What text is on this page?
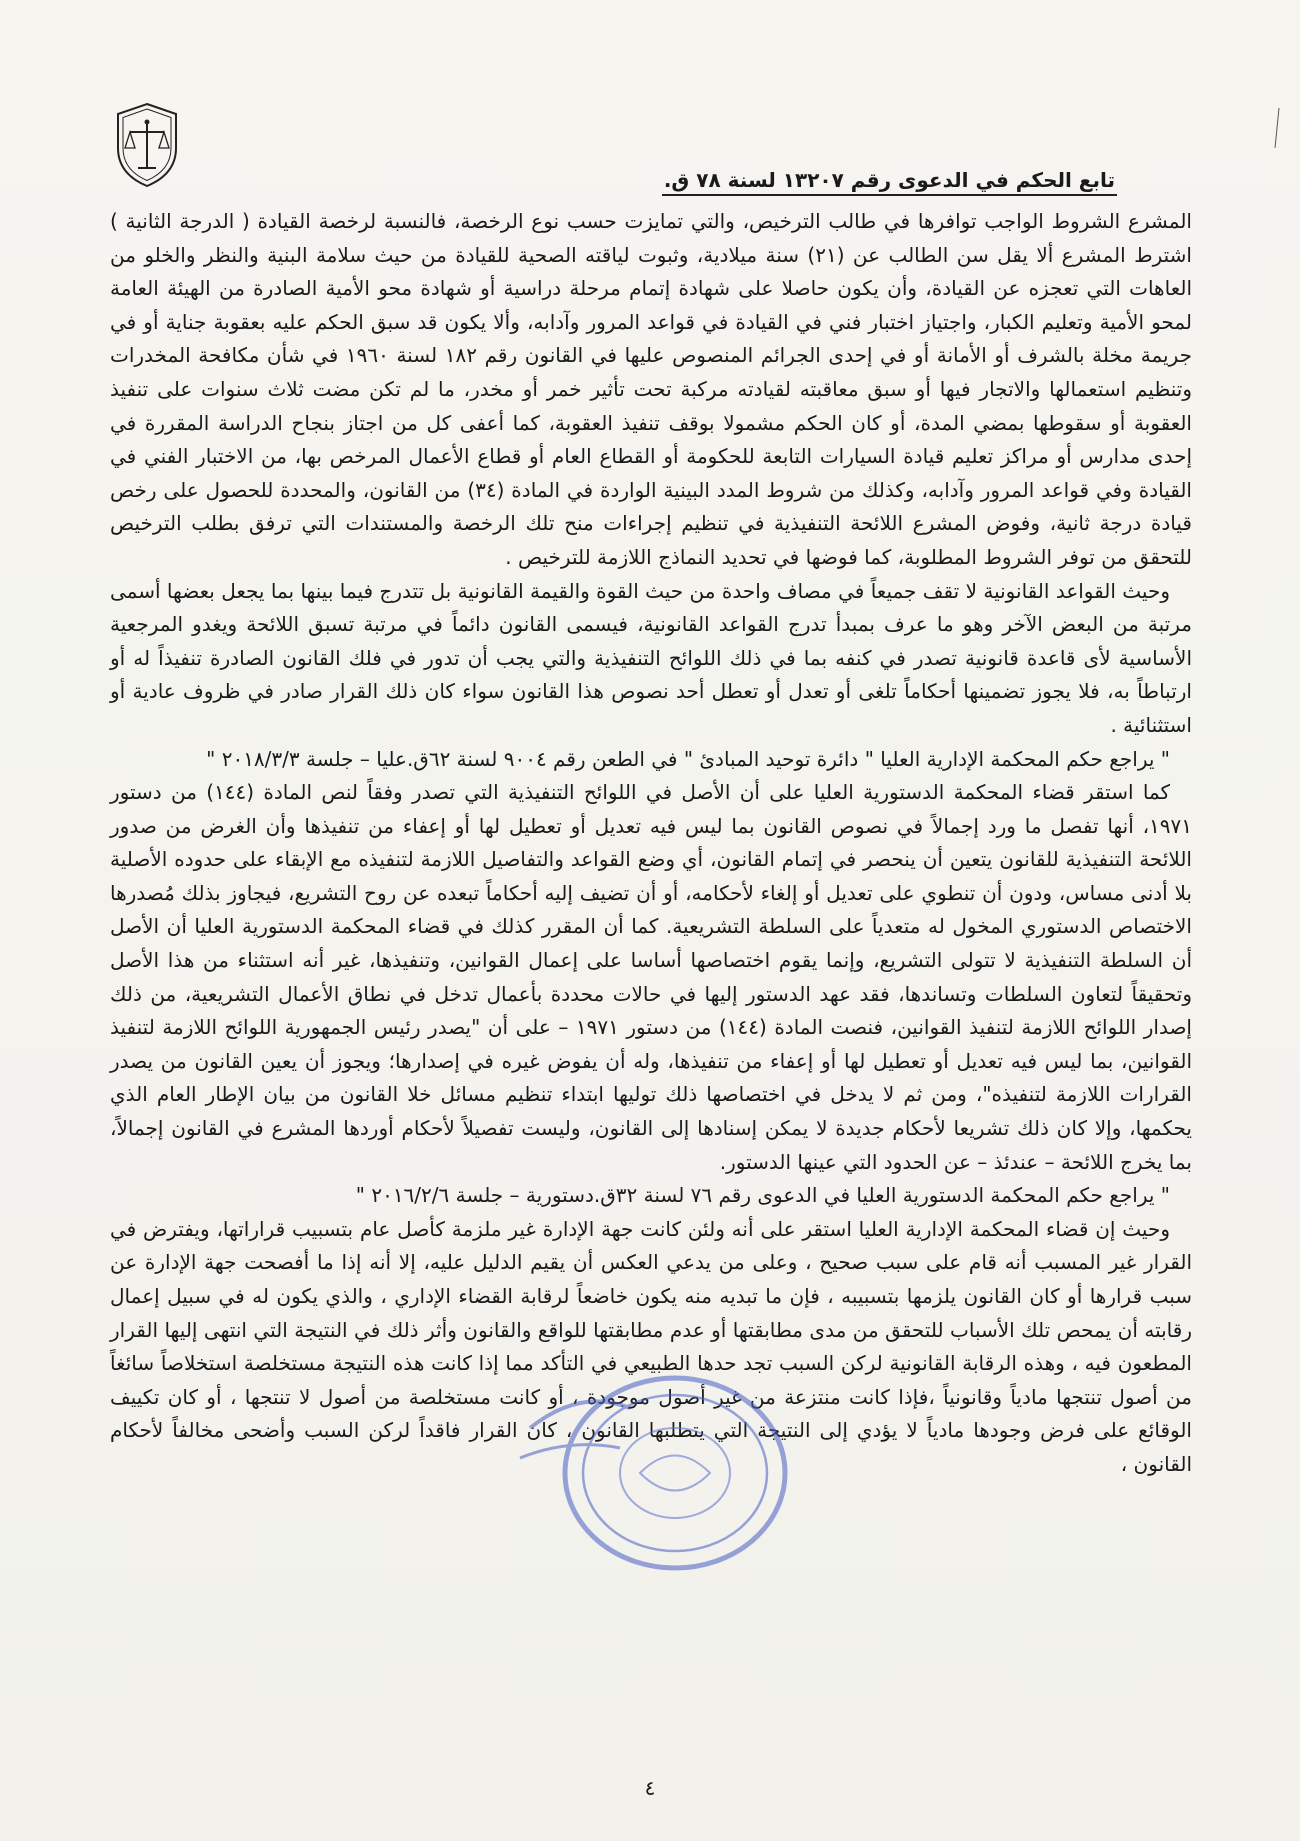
تابع الحكم في الدعوى رقم ١٣٢٠٧ لسنة ٧٨ ق.

المشرع الشروط الواجب توافرها في طالب الترخيص، والتي تمايزت حسب نوع الرخصة، فالنسبة لرخصة القيادة ( الدرجة الثانية ) اشترط المشرع ألا يقل سن الطالب عن (٢١) سنة ميلادية، وثبوت لياقته الصحية للقيادة من حيث سلامة البنية والنظر والخلو من العاهات التي تعجزه عن القيادة، وأن يكون حاصلا على شهادة إتمام مرحلة دراسية أو شهادة محو الأمية الصادرة من الهيئة العامة لمحو الأمية وتعليم الكبار، واجتياز اختبار فني في القيادة في قواعد المرور وآدابه، وألا يكون قد سبق الحكم عليه بعقوبة جناية أو في جريمة مخلة بالشرف أو الأمانة أو في إحدى الجرائم المنصوص عليها في القانون رقم ١٨٢ لسنة ١٩٦٠ في شأن مكافحة المخدرات وتنظيم استعمالها والاتجار فيها أو سبق معاقبته لقيادته مركبة تحت تأثير خمر أو مخدر، ما لم تكن مضت ثلاث سنوات على تنفيذ العقوبة أو سقوطها بمضي المدة، أو كان الحكم مشمولا بوقف تنفيذ العقوبة، كما أعفى كل من اجتاز بنجاح الدراسة المقررة في إحدى مدارس أو مراكز تعليم قيادة السيارات التابعة للحكومة أو القطاع العام أو قطاع الأعمال المرخص بها، من الاختبار الفني في القيادة وفي قواعد المرور وآدابه، وكذلك من شروط المدد البينية الواردة في المادة (٣٤) من القانون، والمحددة للحصول على رخص قيادة درجة ثانية، وفوض المشرع اللائحة التنفيذية في تنظيم إجراءات منح تلك الرخصة والمستندات التي ترفق بطلب الترخيص للتحقق من توفر الشروط المطلوبة، كما فوضها في تحديد النماذج اللازمة للترخيص .

وحيث القواعد القانونية لا تقف جميعاً في مصاف واحدة من حيث القوة والقيمة القانونية بل تتدرج فيما بينها بما يجعل بعضها أسمى مرتبة من البعض الآخر وهو ما عرف بمبدأ تدرج القواعد القانونية، فيسمى القانون دائماً في مرتبة تسبق اللائحة ويغدو المرجعية الأساسية لأى قاعدة قانونية تصدر في كنفه بما في ذلك اللوائح التنفيذية والتي يجب أن تدور في فلك القانون الصادرة تنفيذاً له أو ارتباطاً به، فلا يجوز تضمينها أحكاماً تلغى أو تعدل أو تعطل أحد نصوص هذا القانون سواء كان ذلك القرار صادر في ظروف عادية أو استثنائية .

" يراجع حكم المحكمة الإدارية العليا " دائرة توحيد المبادئ " في الطعن رقم ٩٠٠٤ لسنة ٦٢ق.عليا – جلسة ٢٠١٨/٣/٣ "

كما استقر قضاء المحكمة الدستورية العليا على أن الأصل في اللوائح التنفيذية التي تصدر وفقاً لنص المادة (١٤٤) من دستور ١٩٧١، أنها تفصل ما ورد إجمالاً في نصوص القانون بما ليس فيه تعديل أو تعطيل لها أو إعفاء من تنفيذها وأن الغرض من صدور اللائحة التنفيذية للقانون يتعين أن ينحصر في إتمام القانون، أي وضع القواعد والتفاصيل اللازمة لتنفيذه مع الإبقاء على حدوده الأصلية بلا أدنى مساس، ودون أن تنطوي على تعديل أو إلغاء لأحكامه، أو أن تضيف إليه أحكاماً تبعده عن روح التشريع، فيجاوز بذلك مُصدرها الاختصاص الدستوري المخول له متعدياً على السلطة التشريعية. كما أن المقرر كذلك في قضاء المحكمة الدستورية العليا أن الأصل أن السلطة التنفيذية لا تتولى التشريع، وإنما يقوم اختصاصها أساسا على إعمال القوانين، وتنفيذها، غير أنه استثناء من هذا الأصل وتحقيقاً لتعاون السلطات وتساندها، فقد عهد الدستور إليها في حالات محددة بأعمال تدخل في نطاق الأعمال التشريعية، من ذلك إصدار اللوائح اللازمة لتنفيذ القوانين، فنصت المادة (١٤٤) من دستور ١٩٧١ – على أن "يصدر رئيس الجمهورية اللوائح اللازمة لتنفيذ القوانين، بما ليس فيه تعديل أو تعطيل لها أو إعفاء من تنفيذها، وله أن يفوض غيره في إصدارها؛ ويجوز أن يعين القانون من يصدر القرارات اللازمة لتنفيذه"، ومن ثم لا يدخل في اختصاصها ذلك توليها ابتداء تنظيم مسائل خلا القانون من بيان الإطار العام الذي يحكمها، وإلا كان ذلك تشريعا لأحكام جديدة لا يمكن إسنادها إلى القانون، وليست تفصيلاً لأحكام أوردها المشرع في القانون إجمالاً، بما يخرج اللائحة – عندئذ – عن الحدود التي عينها الدستور.

" يراجع حكم المحكمة الدستورية العليا في الدعوى رقم ٧٦ لسنة ٣٢ق.دستورية – جلسة ٢٠١٦/٢/٦ "

وحيث إن قضاء المحكمة الإدارية العليا استقر على أنه ولئن كانت جهة الإدارة غير ملزمة كأصل عام بتسبيب قراراتها، ويفترض في القرار غير المسبب أنه قام على سبب صحيح ، وعلى من يدعي العكس أن يقيم الدليل عليه، إلا أنه إذا ما أفصحت جهة الإدارة عن سبب قرارها أو كان القانون يلزمها بتسبيبه ، فإن ما تبديه منه يكون خاضعاً لرقابة القضاء الإداري ، والذي يكون له في سبيل إعمال رقابته أن يمحص تلك الأسباب للتحقق من مدى مطابقتها أو عدم مطابقتها للواقع والقانون وأثر ذلك في النتيجة التي انتهى إليها القرار المطعون فيه ، وهذه الرقابة القانونية لركن السبب تجد حدها الطبيعي في التأكد مما إذا كانت هذه النتيجة مستخلصة استخلاصاً سائغاً من أصول تنتجها مادياً وقانونياً ،فإذا كانت منتزعة من غير أصول موجودة ، أو كانت مستخلصة من أصول لا تنتجها ، أو كان تكييف الوقائع على فرض وجودها مادياً لا يؤدي إلى النتيجة التي يتطلبها القانون ، كان القرار فاقداً لركن السبب وأضحى مخالفاً لأحكام القانون ،

٤
